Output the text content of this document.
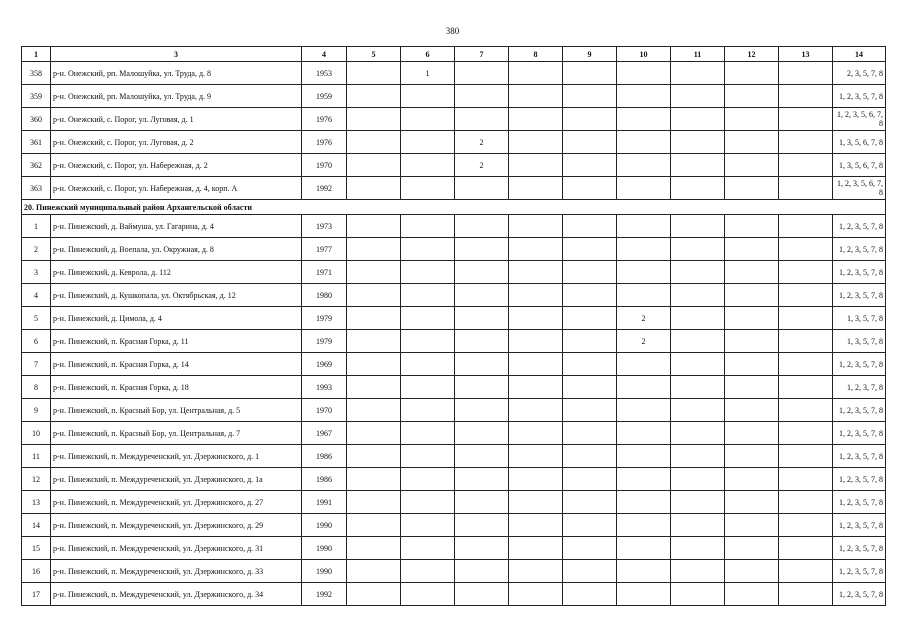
380
1	3	4	5	6	7	8	9	10	11	12	13	14
358	р-н. Онежский, рп. Малошуйка, ул. Труда, д. 8	1953		1								2, 3, 5, 7, 8
359	р-н. Онежский, рп. Малошуйка, ул. Труда, д. 9	1959										1, 2, 3, 5, 7, 8
360	р-н. Онежский, с. Порог, ул. Луговая, д. 1	1976										1, 2, 3, 5, 6, 7, 8
361	р-н. Онежский, с. Порог, ул. Луговая, д. 2	1976			2							1, 3, 5, 6, 7, 8
362	р-н. Онежский, с. Порог, ул. Набережная, д. 2	1970			2							1, 3, 5, 6, 7, 8
363	р-н. Онежский, с. Порог, ул. Набережная, д. 4, корп. А	1992										1, 2, 3, 5, 6, 7, 8
20. Пинежский муниципальный район Архангельской области												
1	р-н. Пинежский, д. Ваймуша, ул. Гагарина, д. 4	1973										1, 2, 3, 5, 7, 8
2	р-н. Пинежский, д. Воепала, ул. Окружная, д. 8	1977										1, 2, 3, 5, 7, 8
3	р-н. Пинежский, д. Кеврола, д. 112	1971										1, 2, 3, 5, 7, 8
4	р-н. Пинежский, д. Кушкопала, ул. Октябрьская, д. 12	1980										1, 2, 3, 5, 7, 8
5	р-н. Пинежский, д. Цимола, д. 4	1979						2				1, 3, 5, 7, 8
6	р-н. Пинежский, п. Красная Горка, д. 11	1979						2				1, 3, 5, 7, 8
7	р-н. Пинежский, п. Красная Горка, д. 14	1969										1, 2, 3, 5, 7, 8
8	р-н. Пинежский, п. Красная Горка, д. 18	1993										1, 2, 3, 7, 8
9	р-н. Пинежский, п. Красный Бор, ул. Центральная, д. 5	1970										1, 2, 3, 5, 7, 8
10	р-н. Пинежский, п. Красный Бор, ул. Центральная, д. 7	1967										1, 2, 3, 5, 7, 8
11	р-н. Пинежский, п. Междуреченский, ул. Дзержинского, д. 1	1986										1, 2, 3, 5, 7, 8
12	р-н. Пинежский, п. Междуреченский, ул. Дзержинского, д. 1а	1986										1, 2, 3, 5, 7, 8
13	р-н. Пинежский, п. Междуреченский, ул. Дзержинского, д. 27	1991										1, 2, 3, 5, 7, 8
14	р-н. Пинежский, п. Междуреченский, ул. Дзержинского, д. 29	1990										1, 2, 3, 5, 7, 8
15	р-н. Пинежский, п. Междуреченский, ул. Дзержинского, д. 31	1990										1, 2, 3, 5, 7, 8
16	р-н. Пинежский, п. Междуреченский, ул. Дзержинского, д. 33	1990										1, 2, 3, 5, 7, 8
17	р-н. Пинежский, п. Междуреченский, ул. Дзержинского, д. 34	1992										1, 2, 3, 5, 7, 8
